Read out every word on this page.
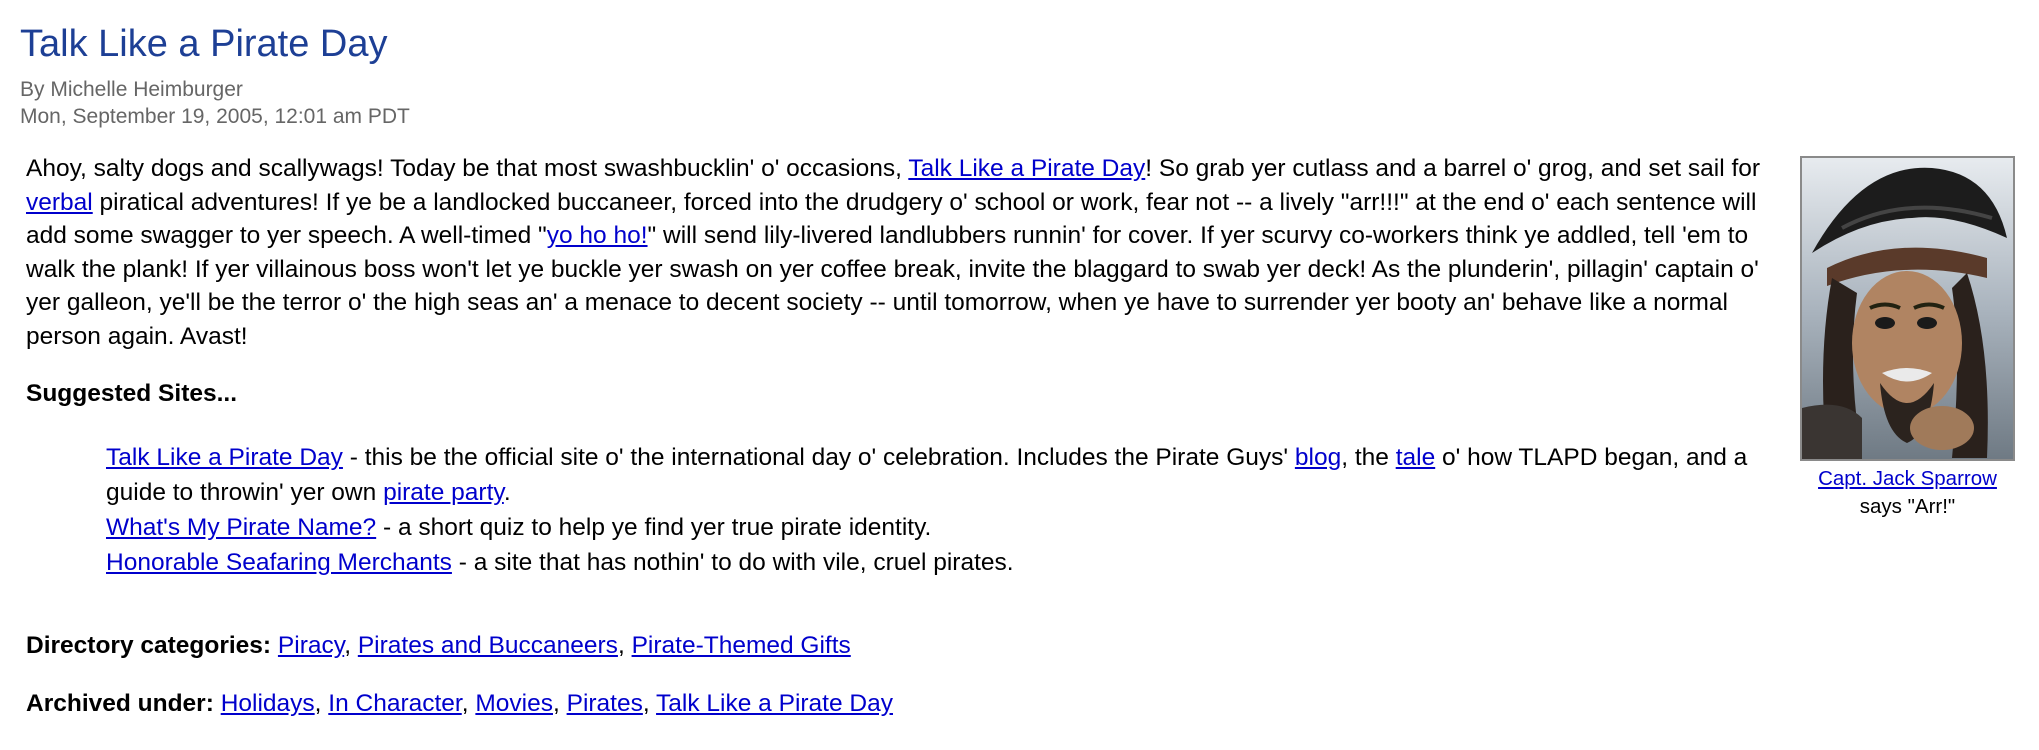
Talk Like a Pirate Day
By Michelle Heimburger
Mon, September 19, 2005, 12:01 am PDT

Ahoy, salty dogs and scallywags! Today be that most swashbucklin' o' occasions, Talk Like a Pirate Day! So grab yer cutlass and a barrel o' grog, and set sail for verbal piratical adventures! If ye be a landlocked buccaneer, forced into the drudgery o' school or work, fear not -- a lively "arr!!!" at the end o' each sentence will add some swagger to yer speech. A well-timed "yo ho ho!" will send lily-livered landlubbers runnin' for cover. If yer scurvy co-workers think ye addled, tell 'em to walk the plank! If yer villainous boss won't let ye buckle yer swash on yer coffee break, invite the blaggard to swab yer deck! As the plunderin', pillagin' captain o' yer galleon, ye'll be the terror o' the high seas an' a menace to decent society -- until tomorrow, when ye have to surrender yer booty an' behave like a normal person again. Avast!

Suggested Sites...
Talk Like a Pirate Day - this be the official site o' the international day o' celebration. Includes the Pirate Guys' blog, the tale o' how TLAPD began, and a guide to throwin' yer own pirate party.
What's My Pirate Name? - a short quiz to help ye find yer true pirate identity.
Honorable Seafaring Merchants - a site that has nothin' to do with vile, cruel pirates.
Directory categories: Piracy, Pirates and Buccaneers, Pirate-Themed Gifts
Archived under: Holidays, In Character, Movies, Pirates, Talk Like a Pirate Day
Capt. Jack Sparrow
says "Arr!"
